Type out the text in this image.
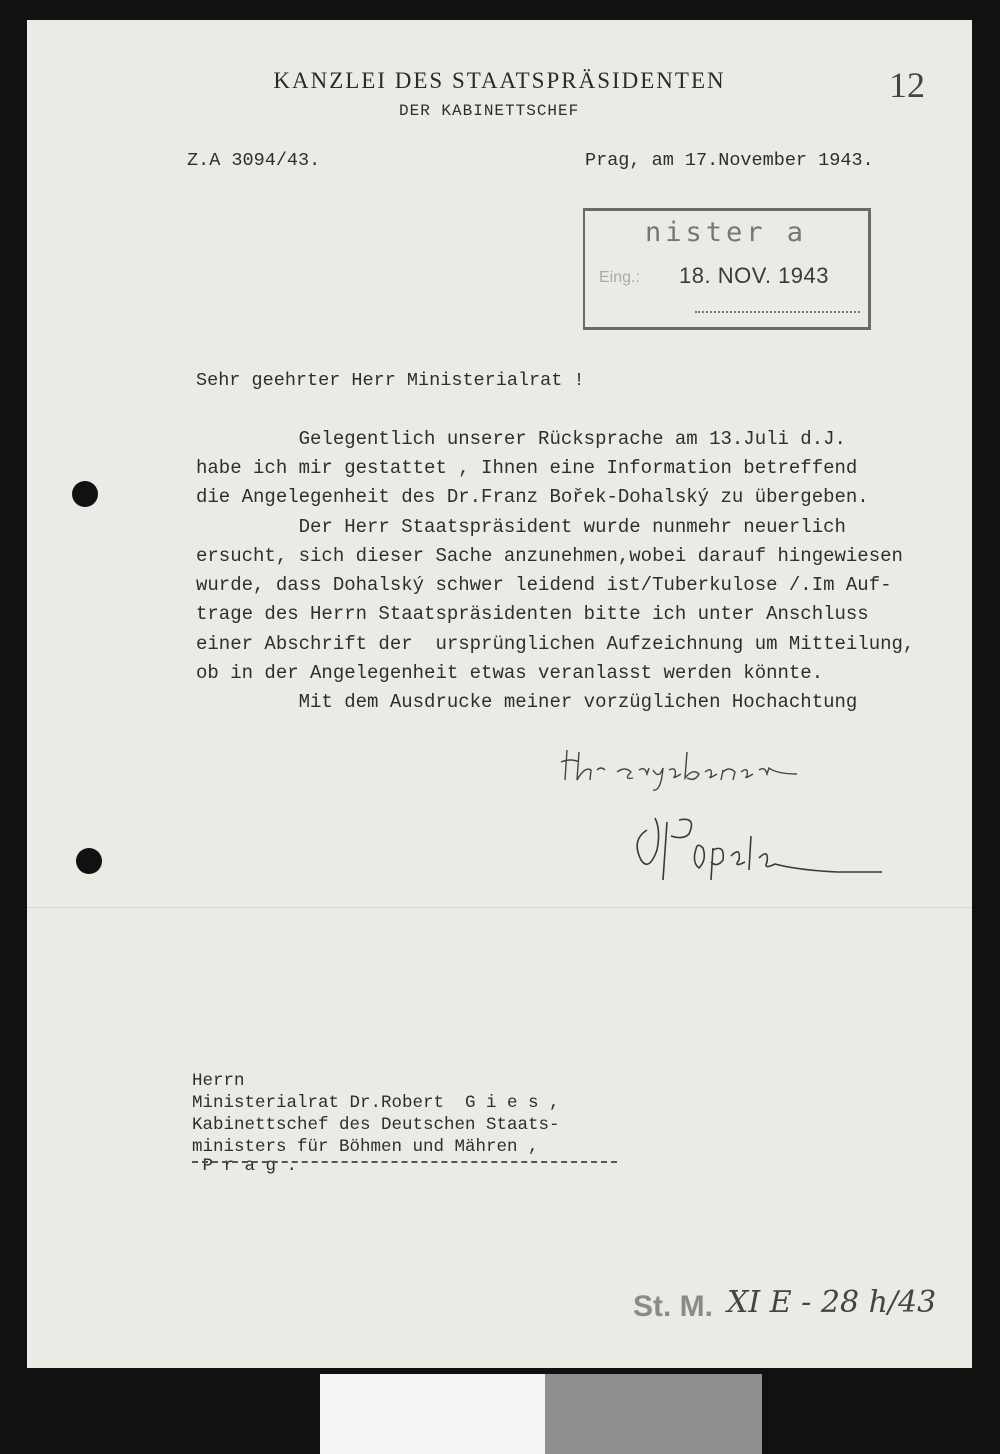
KANZLEI DES STAATSPRÄSIDENTEN
DER KABINETTSCHEF
12
Z.A 3094/43.	Prag, am 17.November 1943.
nister a
Eing.: 18. NOV. 1943
Sehr geehrter Herr Ministerialrat !
Gelegentlich unserer Rücksprache am 13.Juli d.J.
habe ich mir gestattet , Ihnen eine Information betreffend
die Angelegenheit des Dr.Franz Bořek-Dohalský zu übergeben.
Der Herr Staatspräsident wurde nunmehr neuerlich
ersucht, sich dieser Sache anzunehmen,wobei darauf hingewiesen
wurde, dass Dohalský schwer leidend ist/Tuberkulose /.Im Auf-
trage des Herrn Staatspräsidenten bitte ich unter Anschluss
einer Abschrift der  ursprünglichen Aufzeichnung um Mitteilung,
ob in der Angelegenheit etwas veranlasst werden könnte.
Mit dem Ausdrucke meiner vorzüglichen Hochachtung
Herrn
Ministerialrat Dr.Robert  G i e s ,
Kabinettschef des Deutschen Staats-
ministers für Böhmen und Mähren ,
P r a g .
St. M. XI E - 28 h/43
